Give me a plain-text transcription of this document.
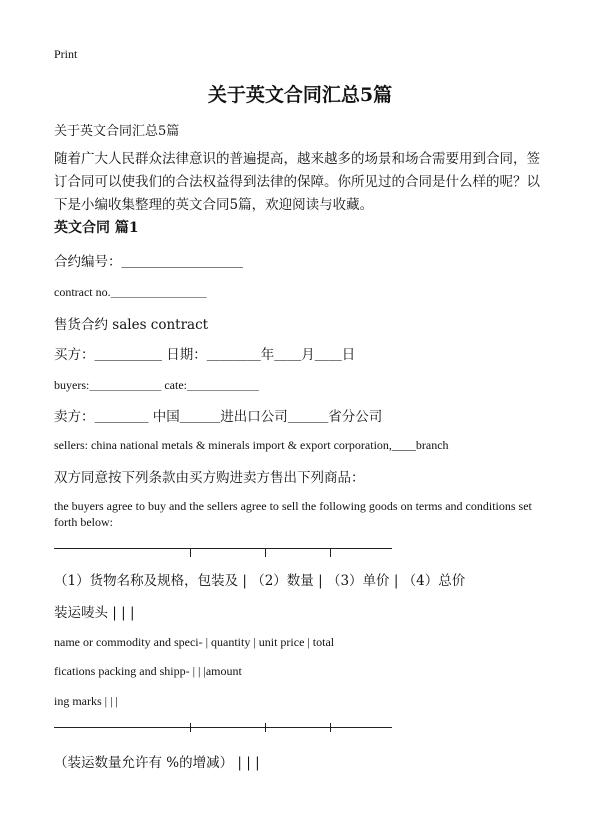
Print
关于英文合同汇总5篇
关于英文合同汇总5篇
随着广大人民群众法律意识的普遍提高，越来越多的场景和场合需要用到合同，签订合同可以使我们的合法权益得到法律的保障。你所见过的合同是什么样的呢？以下是小编收集整理的英文合同5篇，欢迎阅读与收藏。
英文合同 篇1
合约编号：＿＿＿＿＿＿＿＿＿
contract no.＿＿＿＿＿＿＿＿
售货合约 sales contract
买方：＿＿＿＿＿ 日期：＿＿＿＿年＿＿月＿＿日
buyers:＿＿＿＿＿＿ cate:＿＿＿＿＿＿
卖方：＿＿＿＿ 中国＿＿＿进出口公司＿＿＿省分公司
sellers: china national metals & minerals import & export corporation,____branch
双方同意按下列条款由买方购进卖方售出下列商品：
the buyers agree to buy and the sellers agree to sell the following goods on terms and conditions set forth below:
（1）货物名称及规格，包装及 | （2）数量 | （3）单价 | （4）总价
装运唛头 | | |
name or commodity and speci- | quantity | unit price | total
fications packing and shipp- | | |amount
ing marks | | |
（装运数量允许有 %的增减） | | |
